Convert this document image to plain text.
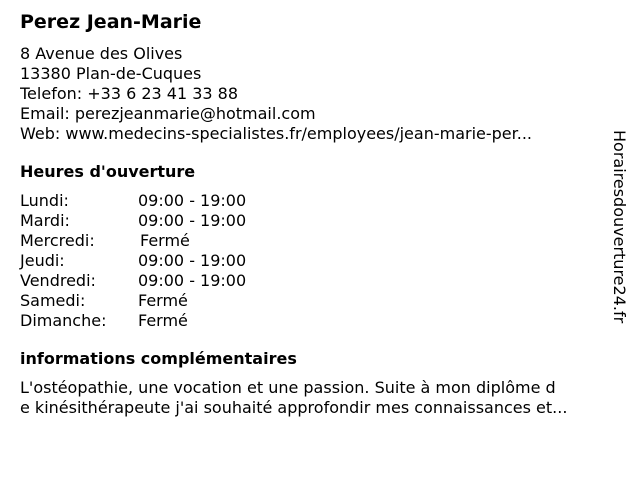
Perez Jean-Marie
8 Avenue des Olives
13380 Plan-de-Cuques
Telefon: +33 6 23 41 33 88
Email: perezjeanmarie@hotmail.com
Web: www.medecins-specialistes.fr/employees/jean-marie-per...
Heures d'ouverture
Lundi:	09:00 - 19:00
Mardi:	09:00 - 19:00
Mercredi:	Fermé
Jeudi:	09:00 - 19:00
Vendredi:	09:00 - 19:00
Samedi:	Fermé
Dimanche:	Fermé
informations complémentaires
L'ostéopathie, une vocation et une passion. Suite à mon diplôme d
e kinésithérapeute j'ai souhaité approfondir mes connaissances et...
Horairesdouverture24.fr
